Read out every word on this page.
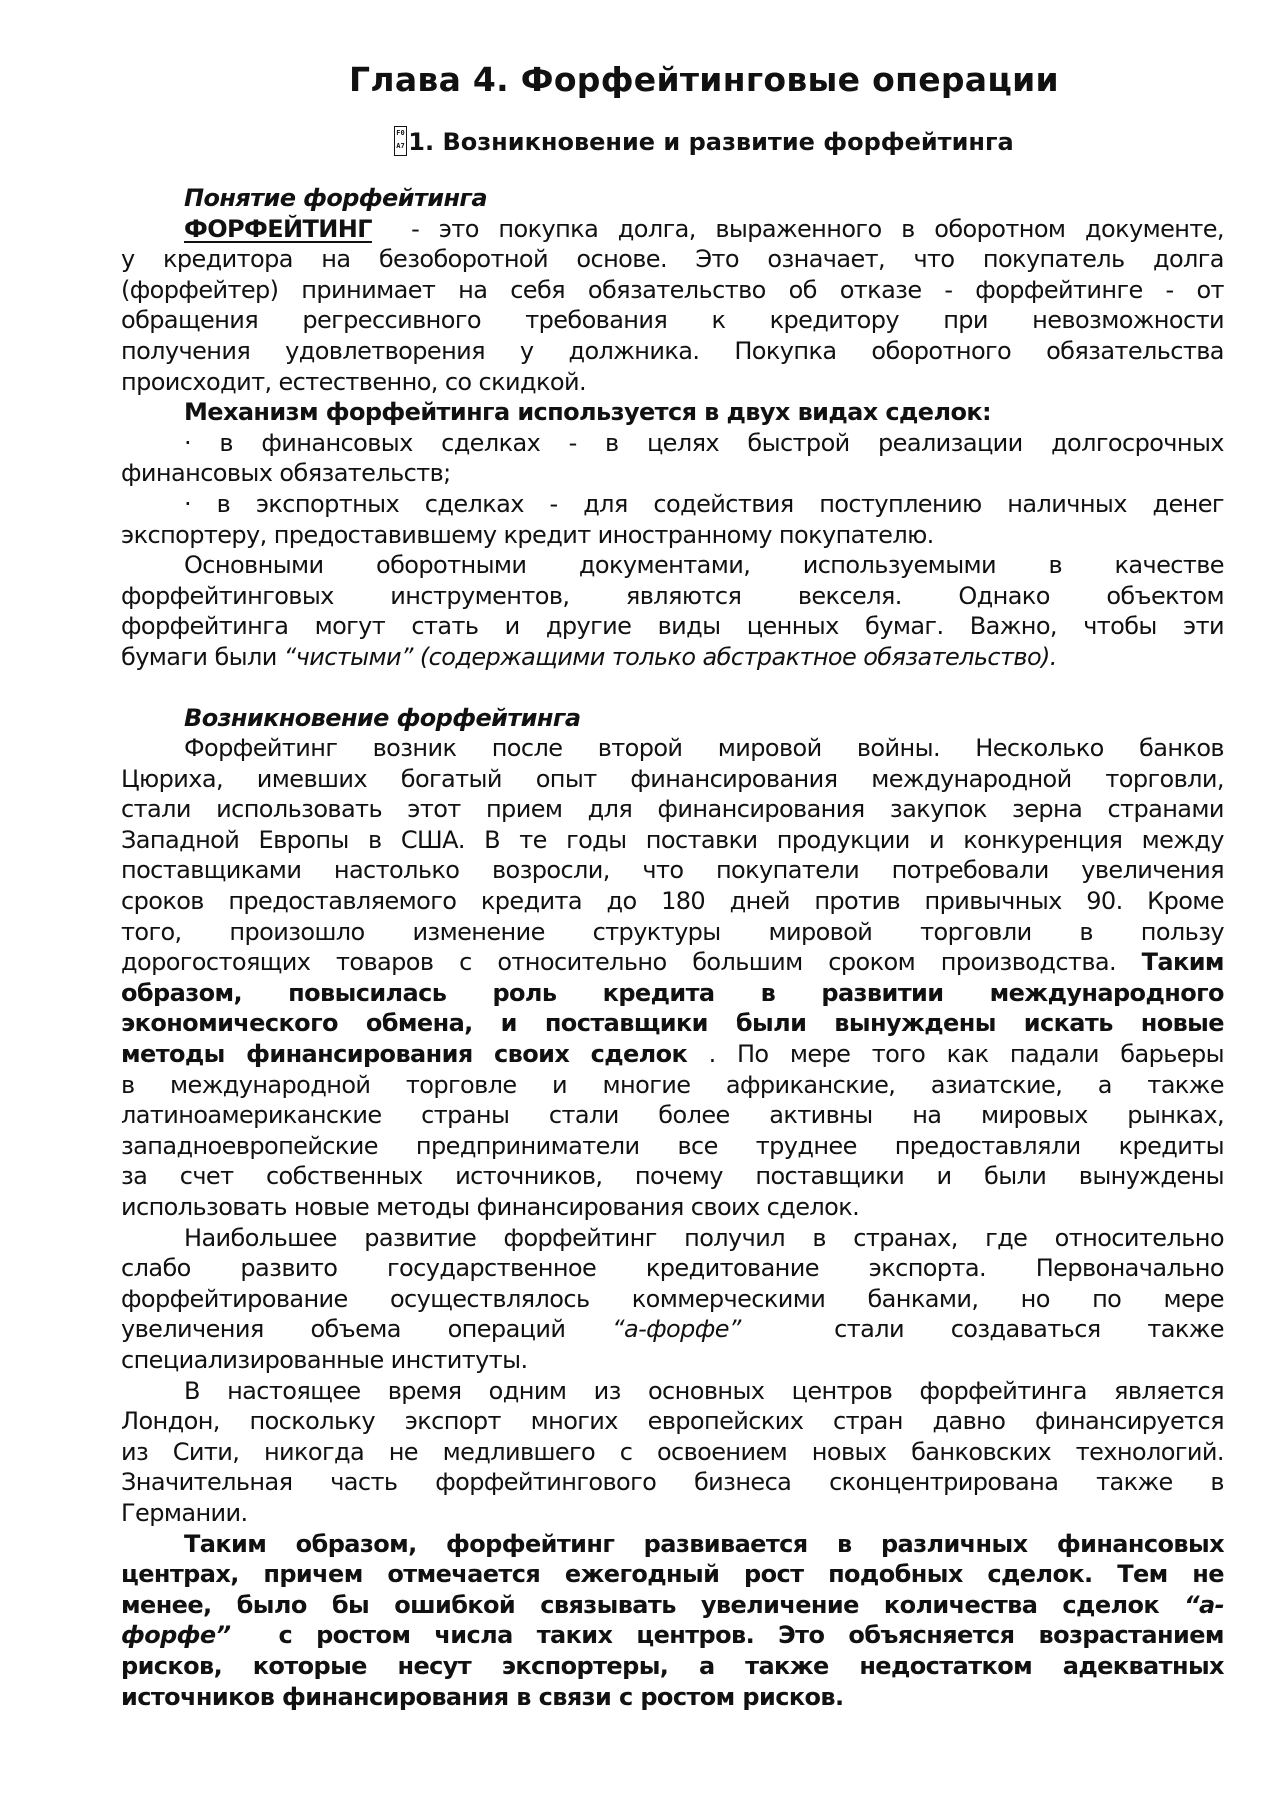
Глава 4. Форфейтинговые операции
F0A7 1. Возникновение и развитие форфейтинга
Понятие форфейтинга
ФОРФЕЙТИНГ - это покупка долга, выраженного в оборотном документе,
у кредитора на безоборотной основе. Это означает, что покупатель долга
(форфейтер) принимает на себя обязательство об отказе - форфейтинге - от
обращения регрессивного требования к кредитору при невозможности
получения удовлетворения у должника. Покупка оборотного обязательства
происходит, естественно, со скидкой.
Механизм форфейтинга используется в двух видах сделок:
· в финансовых сделках - в целях быстрой реализации долгосрочных
финансовых обязательств;
· в экспортных сделках - для содействия поступлению наличных денег
экспортеру, предоставившему кредит иностранному покупателю.
Основными оборотными документами, используемыми в качестве
форфейтинговых инструментов, являются векселя. Однако объектом
форфейтинга могут стать и другие виды ценных бумаг. Важно, чтобы эти
бумаги были “чистыми” (содержащими только абстрактное обязательство).
Возникновение форфейтинга
Форфейтинг возник после второй мировой войны. Несколько банков
Цюриха, имевших богатый опыт финансирования международной торговли,
стали использовать этот прием для финансирования закупок зерна странами
Западной Европы в США. В те годы поставки продукции и конкуренция между
поставщиками настолько возросли, что покупатели потребовали увеличения
сроков предоставляемого кредита до 180 дней против привычных 90. Кроме
того, произошло изменение структуры мировой торговли в пользу
дорогостоящих товаров с относительно большим сроком производства. Таким
образом, повысилась роль кредита в развитии международного
экономического обмена, и поставщики были вынуждены искать новые
методы финансирования своих сделок . По мере того как падали барьеры
в международной торговле и многие африканские, азиатские, а также
латиноамериканские страны стали более активны на мировых рынках,
западноевропейские предприниматели все труднее предоставляли кредиты
за счет собственных источников, почему поставщики и были вынуждены
использовать новые методы финансирования своих сделок.
Наибольшее развитие форфейтинг получил в странах, где относительно
слабо развито государственное кредитование экспорта. Первоначально
форфейтирование осуществлялось коммерческими банками, но по мере
увеличения объема операций “а-форфе”	стали создаваться также
специализированные институты.
В настоящее время одним из основных центров форфейтинга является
Лондон, поскольку экспорт многих европейских стран давно финансируется
из Сити, никогда не медлившего с освоением новых банковских технологий.
Значительная часть форфейтингового бизнеса сконцентрирована также в
Германии.
Таким образом, форфейтинг развивается в различных финансовых
центрах, причем отмечается ежегодный рост подобных сделок. Тем не
менее, было бы ошибкой связывать увеличение количества сделок “а-
форфе” с ростом числа таких центров. Это объясняется возрастанием
рисков, которые несут экспортеры, а также недостатком адекватных
источников финансирования в связи с ростом рисков.
